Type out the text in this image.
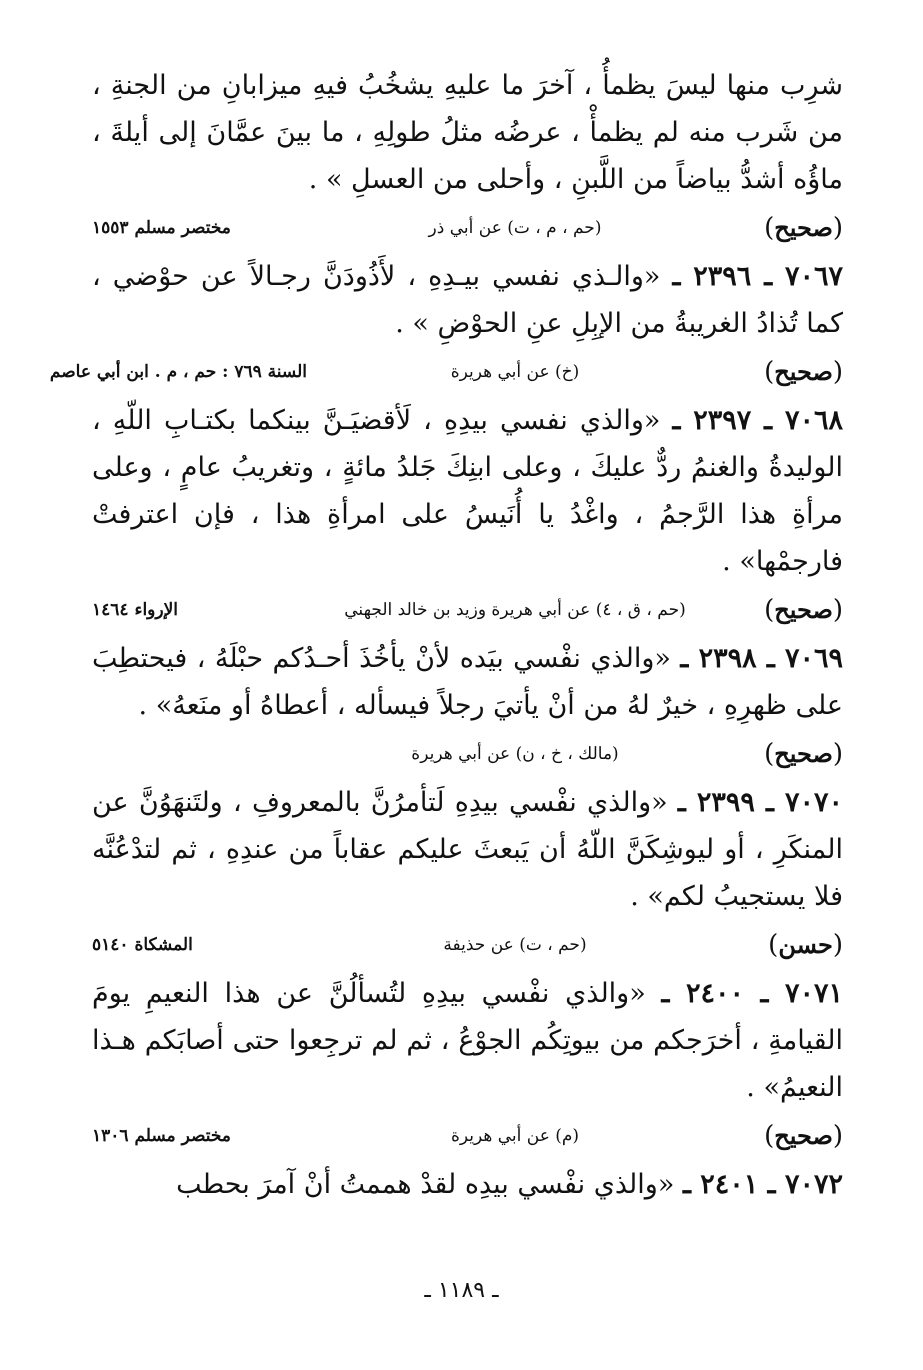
شرِب منها ليسَ يظمأُ ، آخرَ ما عليهِ يشخُبُ فيهِ ميزابانِ من الجنةِ ، من شَرب منه لم يظمأْ ، عرضُه مثلُ طولِهِ ، ما بينَ عمَّانَ إلى أيلةَ ، ماؤُه أشدُّ بياضاً من اللَّبنِ ، وأحلى من العسلِ » .

(صحيح)
(حم ، م ، ت) عن أبي ذر
مختصر مسلم ١٥٥٣

٧٠٦٧ ـ ٢٣٩٦ ـ «والـذي نفسي بيـدِهِ ، لأَذُودَنَّ رجـالاً عن حوْضي ، كما تُذادُ الغريبةُ من الإبِلِ عنِ الحوْضِ » .

(صحيح)
(خ) عن أبي هريرة
السنة ٧٦٩ : حم ، م . ابن أبي عاصم

٧٠٦٨ ـ ٢٣٩٧ ـ «والذي نفسي بيدِهِ ، لَأقضيَـنَّ بينكما بكتـابِ اللّهِ ، الوليدةُ والغنمُ ردٌّ عليكَ ، وعلى ابنِكَ جَلدُ مائةٍ ، وتغريبُ عامٍ ، وعلى مرأةِ هذا الرَّجمُ ، واغْدُ يا أُنَيسُ على امرأةِ هذا ، فإن اعترفتْ فارجمْها» .

(صحيح)
(حم ، ق ، ٤) عن أبي هريرة وزيد بن خالد الجهني
الإرواء ١٤٦٤

٧٠٦٩ ـ ٢٣٩٨ ـ «والذي نفْسي بيَده لأنْ يأخُذَ أحـدُكم حبْلَهُ ، فيحتطِبَ على ظهرِهِ ، خيرٌ لهُ من أنْ يأتيَ رجلاً فيسأله ، أعطاهُ أو منَعهُ» .

(صحيح)
(مالك ، خ ، ن) عن أبي هريرة

٧٠٧٠ ـ ٢٣٩٩ ـ «والذي نفْسي بيدِهِ لَتأمرُنَّ بالمعروفِ ، ولتَنهَوُنَّ عن المنكَرِ ، أو ليوشِكَنَّ اللّهُ أن يَبعثَ عليكم عقاباً من عندِهِ ، ثم لتدْعُنَّه فلا يستجيبُ لكم» .

(حسن)
(حم ، ت) عن حذيفة
المشكاة ٥١٤٠

٧٠٧١ ـ ٢٤٠٠ ـ «والذي نفْسي بيدِهِ لتُسألُنَّ عن هذا النعيمِ يومَ القيامةِ ، أخرَجكم من بيوتِكُم الجوْعُ ، ثم لم ترجِعوا حتى أصابَكم هـذا النعيمُ» .

(صحيح)
(م) عن أبي هريرة
مختصر مسلم ١٣٠٦

٧٠٧٢ ـ ٢٤٠١ ـ «والذي نفْسي بيدِه لقدْ هممتُ أنْ آمرَ بحطب

ـ ١١٨٩ ـ
